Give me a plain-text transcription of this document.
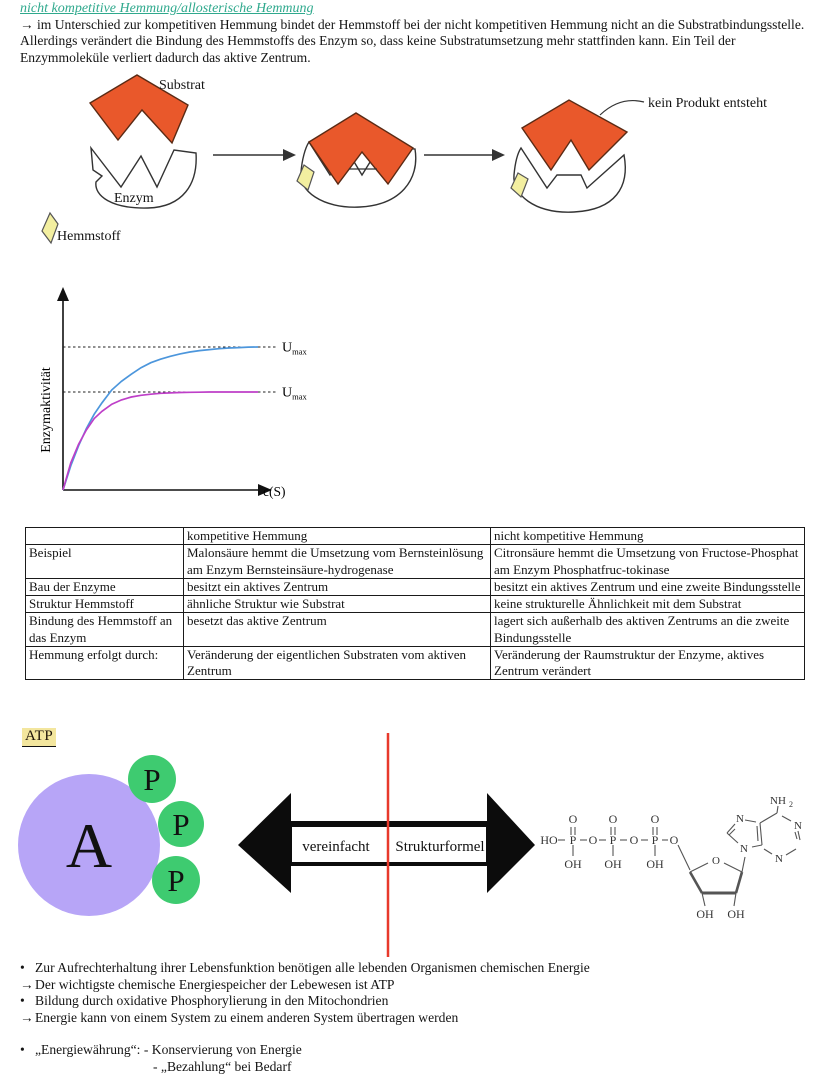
nicht kompetitive Hemmung/allosterische Hemmung
→ im Unterschied zur kompetitiven Hemmung bindet der Hemmstoff bei der nicht kompetitiven Hemmung nicht an die Substratbindungsstelle. Allerdings verändert die Bindung des Hemmstoffs des Enzym so, dass keine Substratumsetzung mehr stattfinden kann. Ein Teil der Enzymmoleküle verliert dadurch das aktive Zentrum.
Substrat
Enzym
kein Produkt entsteht
Hemmstoff
Enzymaktivität
c(S)
$U_{max}$
$U_{max}$
	kompetitive Hemmung	nicht kompetitive Hemmung
Beispiel	Malonsäure hemmt die Umsetzung vom Bernsteinlösung am Enzym Bernsteinsäure-hydrogenase	Citronsäure hemmt die Umsetzung von Fructose-Phosphat am Enzym Phosphatfruc-tokinase
Bau der Enzyme	besitzt ein aktives Zentrum	besitzt ein aktives Zentrum und eine zweite Bindungsstelle
Struktur Hemmstoff	ähnliche Struktur wie Substrat	keine strukturelle Ähnlichkeit mit dem Substrat
Bindung des Hemmstoff an das Enzym	besetzt das aktive Zentrum	lagert sich außerhalb des aktiven Zentrums an die zweite Bindungsstelle
Hemmung erfolgt durch:	Veränderung der eigentlichen Substraten vom aktiven Zentrum	Veränderung der Raumstruktur der Enzyme, aktives Zentrum verändert
ATP
A
P
P
P
vereinfacht Strukturformel	HO P	P	P
O	O	O
O	O	O
OH OH OH	O
OH OH
N
N
N
N
NH 2
• Zur Aufrechterhaltung ihrer Lebensfunktion benötigen alle lebenden Organismen chemischen Energie
→Der wichtigste chemische Energiespeicher der Lebewesen ist ATP
• Bildung durch oxidative Phosphorylierung in den Mitochondrien
→Energie kann von einem System zu einem anderen System übertragen werden
• „Energiewährung“: - Konservierung von Energie
- „Bezahlung“ bei Bedarf
